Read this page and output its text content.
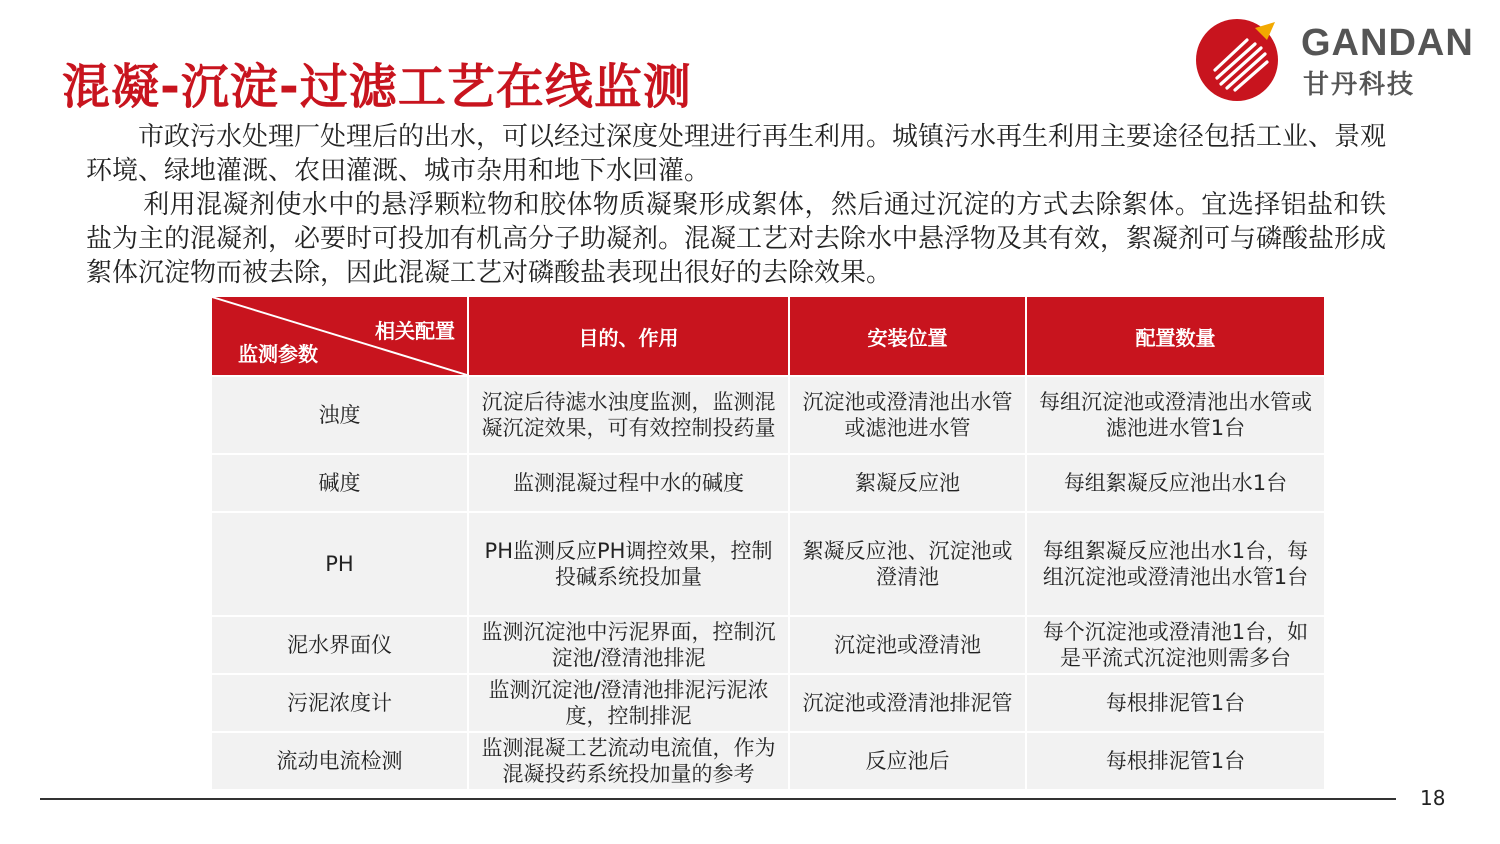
混凝-沉淀-过滤工艺在线监测
GANDAN
甘丹科技

市政污水处理厂处理后的出水，可以经过深度处理进行再生利用。城镇污水再生利用主要途径包括工业、景观环境、绿地灌溉、农田灌溉、城市杂用和地下水回灌。

利用混凝剂使水中的悬浮颗粒物和胶体物质凝聚形成絮体，然后通过沉淀的方式去除絮体。宜选择铝盐和铁盐为主的混凝剂，必要时可投加有机高分子助凝剂。混凝工艺对去除水中悬浮物及其有效，絮凝剂可与磷酸盐形成絮体沉淀物而被去除，因此混凝工艺对磷酸盐表现出很好的去除效果。

相关配置
监测参数	目的、作用	安装位置	配置数量
浊度	沉淀后待滤水浊度监测，监测混凝沉淀效果，可有效控制投药量	沉淀池或澄清池出水管或滤池进水管	每组沉淀池或澄清池出水管或滤池进水管1台
碱度	监测混凝过程中水的碱度	絮凝反应池	每组絮凝反应池出水1台
PH	PH监测反应PH调控效果，控制投碱系统投加量	絮凝反应池、沉淀池或澄清池	每组絮凝反应池出水1台，每组沉淀池或澄清池出水管1台
泥水界面仪	监测沉淀池中污泥界面，控制沉淀池/澄清池排泥	沉淀池或澄清池	每个沉淀池或澄清池1台，如是平流式沉淀池则需多台
污泥浓度计	监测沉淀池/澄清池排泥污泥浓度，控制排泥	沉淀池或澄清池排泥管	每根排泥管1台
流动电流检测	监测混凝工艺流动电流值，作为混凝投药系统投加量的参考	反应池后	每根排泥管1台
18
